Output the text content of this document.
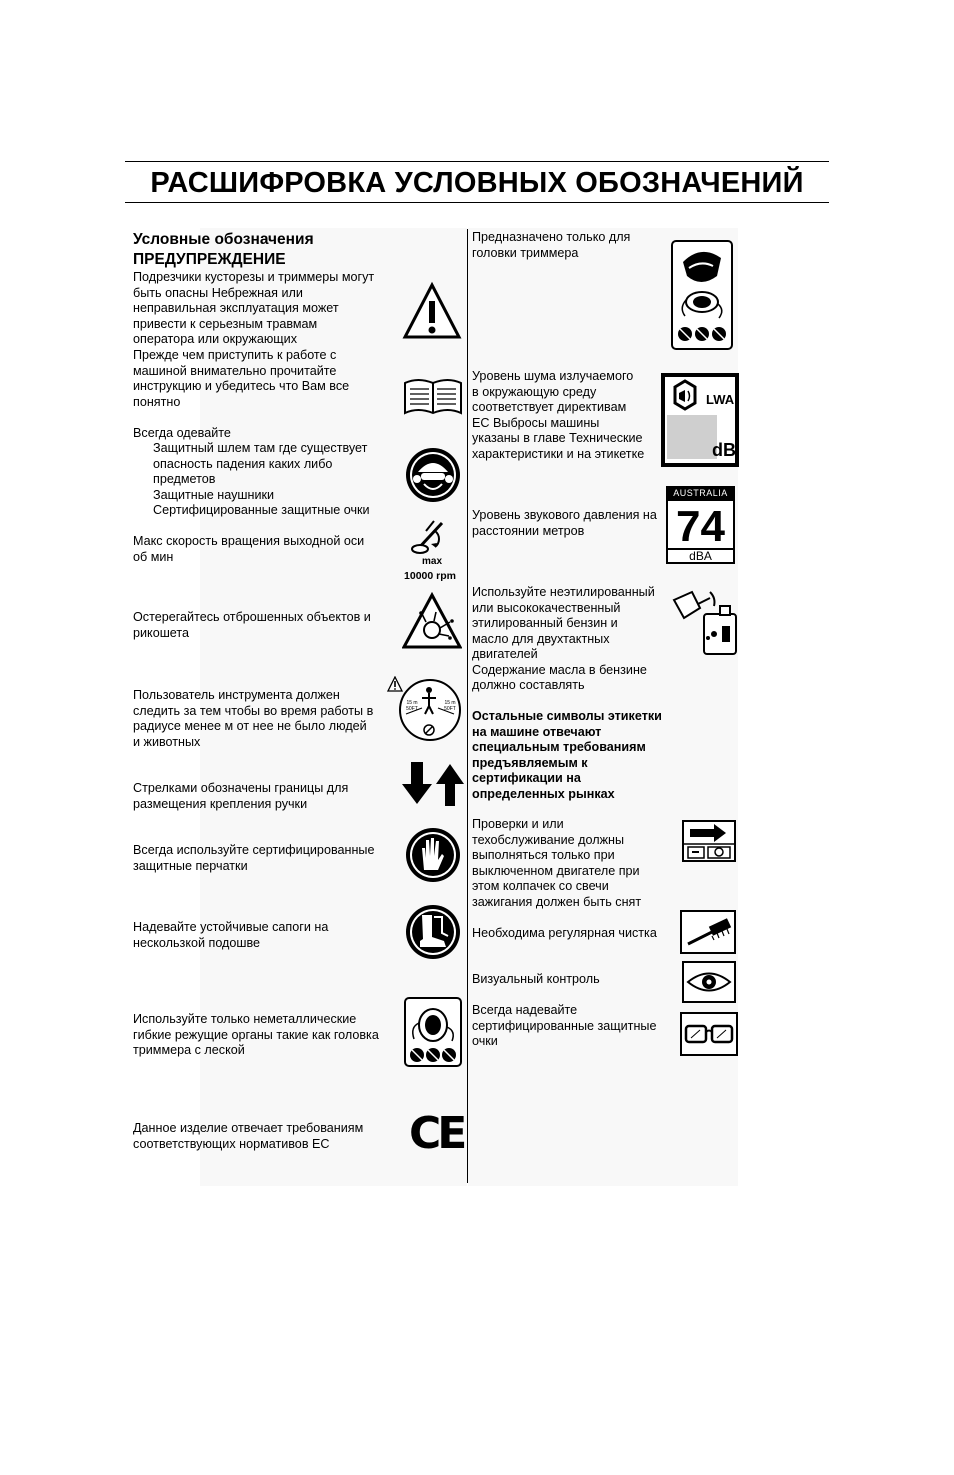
РАСШИФРОВКА УСЛОВНЫХ ОБОЗНАЧЕНИЙ
Условные обозначения
ПРЕДУПРЕЖДЕНИЕ
Подрезчики кусторезы и триммеры могут
быть опасны Небрежная или
неправильная эксплуатация может
привести к серьезным травмам
оператора или окружающих
Прежде чем приступить к работе с
машиной внимательно прочитайте
инструкцию и убедитесь что Вам все
понятно
Всегда одевайте
Защитный шлем там где существует
опасность падения каких либо
предметов
Защитные наушники
Сертифицированные защитные очки
Макс скорость вращения выходной оси
об мин	max
10000 rpm
Остерегайтесь отброшенных объектов и
рикошета
Пользователь инструмента должен
следить за тем чтобы во время работы в
радиусе менее м от нее не было людей
и животных
15 m
50FT
15 m
50FT
Стрелками обозначены границы для
размещения крепления ручки
Всегда используйте сертифицированные
защитные перчатки
Надевайте устойчивые сапоги на
нескользкой подошве
Используйте только неметаллические
гибкие режущие органы такие как головка
триммера с леской
Данное изделие отвечает требованиям
соответствующих нормативов ЕС	CE
Предназначено только для
головки триммера
Уровень шума излучаемого
в окружающую среду
соответствует директивам
ЕС Выбросы машины
указаны в главе Технические
характеристики и на этикетке
LWA
dB
Уровень звукового давления на
расстоянии метров
AUSTRALIA
74
dBA
Используйте неэтилированный
или высококачественный
этилированный бензин и
масло для двухтактных
двигателей
Содержание масла в бензине
должно составлять
Остальные символы этикетки
на машине отвечают
специальным требованиям
предъявляемым к
сертификации на
определенных рынках
Проверки и или
техобслуживание должны
выполняться только при
выключенном двигателе при
этом колпачек со свечи
зажигания должен быть снят
Необходима регулярная чистка
Визуальный контроль
Всегда надевайте
сертифицированные защитные
очки
